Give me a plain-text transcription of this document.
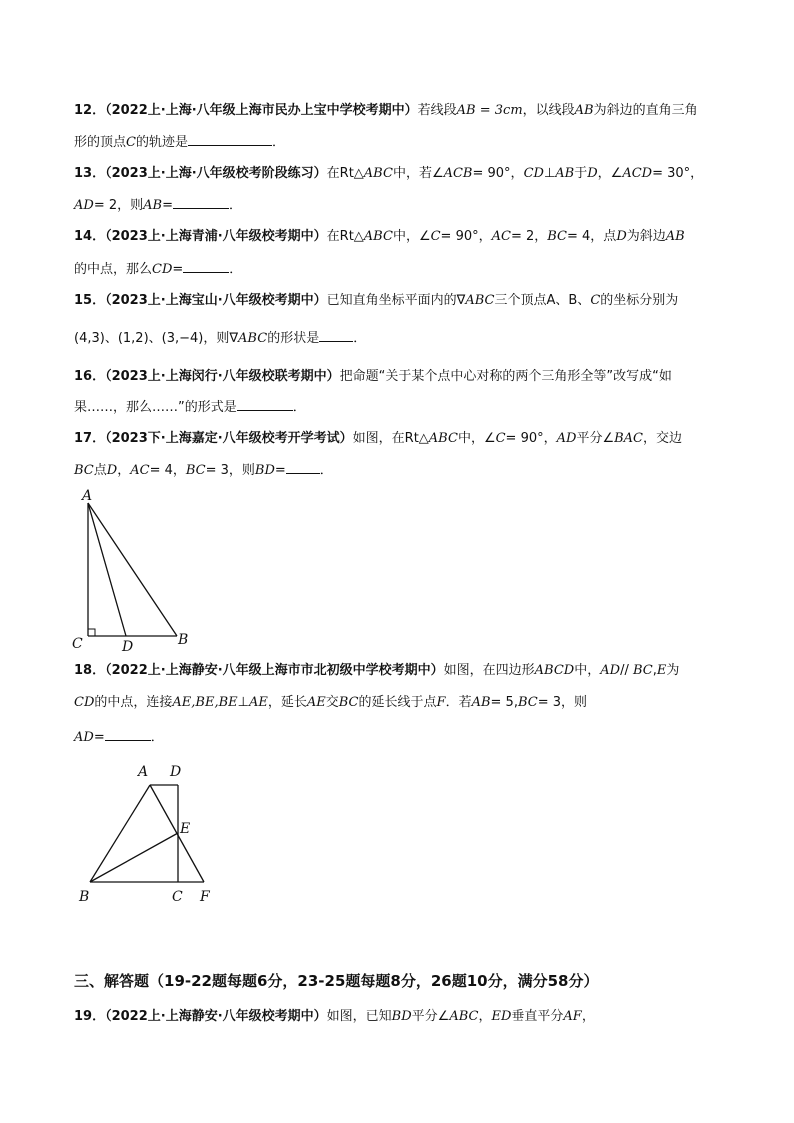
12．（2022上·上海·八年级上海市民办上宝中学校考期中）若线段AB = 3cm，以线段AB为斜边的直角三角
形的顶点C的轨迹是	．
13．（2023上·上海·八年级校考阶段练习）在Rt△ABC中，若∠ACB= 90°，CD⊥AB于D，∠ACD= 30°，
AD= 2，则AB=	．
14．（2023上·上海青浦·八年级校考期中）在Rt△ABC中，∠C= 90°，AC= 2，BC= 4，点D为斜边AB
的中点，那么CD=	．
15．（2023上·上海宝山·八年级校考期中）已知直角坐标平面内的∇ABC三个顶点A、B、C的坐标分别为
(4,3)、(1,2)、(3,−4)，则∇ABC的形状是	．
16．（2023上·上海闵行·八年级校联考期中）把命题“关于某个点中心对称的两个三角形全等”改写成“如
果……，那么……”的形式是	．
17．（2023下·上海嘉定·八年级校考开学考试）如图，在Rt△ABC中，∠C= 90°，AD平分∠BAC，交边
BC点D，AC= 4，BC= 3，则BD=	．
A
C	D	B
18．（2022上·上海静安·八年级上海市市北初级中学校考期中）如图，在四边形ABCD中，AD// BC,E为
CD的中点，连接AE,BE,BE⊥AE，延长AE交BC的延长线于点F．若AB= 5,BC= 3，则
AD=	．
A D
E
B	C F
三、解答题（19-22题每题6分，23-25题每题8分，26题10分，满分58分）
19．（2022上·上海静安·八年级校考期中）如图，已知BD平分∠ABC，ED垂直平分AF，
